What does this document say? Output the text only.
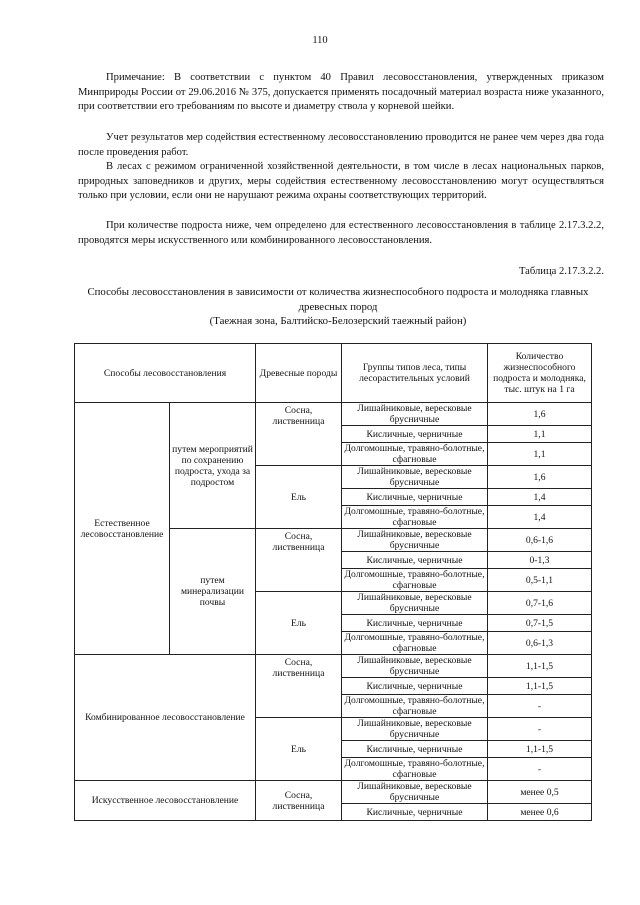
110

Примечание: В соответствии с пунктом 40 Правил лесовосстановления, утвержденных приказом Минприроды России от 29.06.2016 № 375, допускается применять посадочный материал возраста ниже указанного, при соответствии его требованиям по высоте и диаметру ствола у корневой шейки.

Учет результатов мер содействия естественному лесовосстановлению проводится не ранее чем через два года после проведения работ.

В лесах с режимом ограниченной хозяйственной деятельности, в том числе в лесах национальных парков, природных заповедников и других, меры содействия естественному лесовосстановлению могут осуществляться только при условии, если они не нарушают режима охраны соответствующих территорий.

При количестве подроста ниже, чем определено для естественного лесовосстановления в таблице 2.17.3.2.2, проводятся меры искусственного или комбинированного лесовосстановления.

Таблица 2.17.3.2.2.

Способы лесовосстановления в зависимости от количества жизнеспособного подроста и молодняка главных древесных пород
(Таежная зона, Балтийско-Белозерский таежный район)

Способы лесовосстановления		Древесные породы	Группы типов леса, типы лесорастительных условий	Количество жизнеспособного подроста и молодняка, тыс. штук на 1 га
Естественное лесовосстановление	путем мероприятий по сохранению подроста, ухода за подростом	Сосна, лиственница	Лишайниковые, вересковые брусничные	1,6
			Кисличные, черничные	1,1
			Долгомошные, травяно-болотные, сфагновые	1,1
		Ель	Лишайниковые, вересковые брусничные	1,6
			Кисличные, черничные	1,4
			Долгомошные, травяно-болотные, сфагновые	1,4
	путем минерализации почвы	Сосна, лиственница	Лишайниковые, вересковые брусничные	0,6-1,6
			Кисличные, черничные	0-1,3
			Долгомошные, травяно-болотные, сфагновые	0,5-1,1
		Ель	Лишайниковые, вересковые брусничные	0,7-1,6
			Кисличные, черничные	0,7-1,5
			Долгомошные, травяно-болотные, сфагновые	0,6-1,3
Комбинированное лесовосстановление		Сосна, лиственница	Лишайниковые, вересковые брусничные	1,1-1,5
			Кисличные, черничные	1,1-1,5
			Долгомошные, травяно-болотные, сфагновые	-
		Ель	Лишайниковые, вересковые брусничные	-
			Кисличные, черничные	1,1-1,5
			Долгомошные, травяно-болотные, сфагновые	-
Искусственное лесовосстановление		Сосна, лиственница	Лишайниковые, вересковые брусничные	менее 0,5
			Кисличные, черничные	менее 0,6
